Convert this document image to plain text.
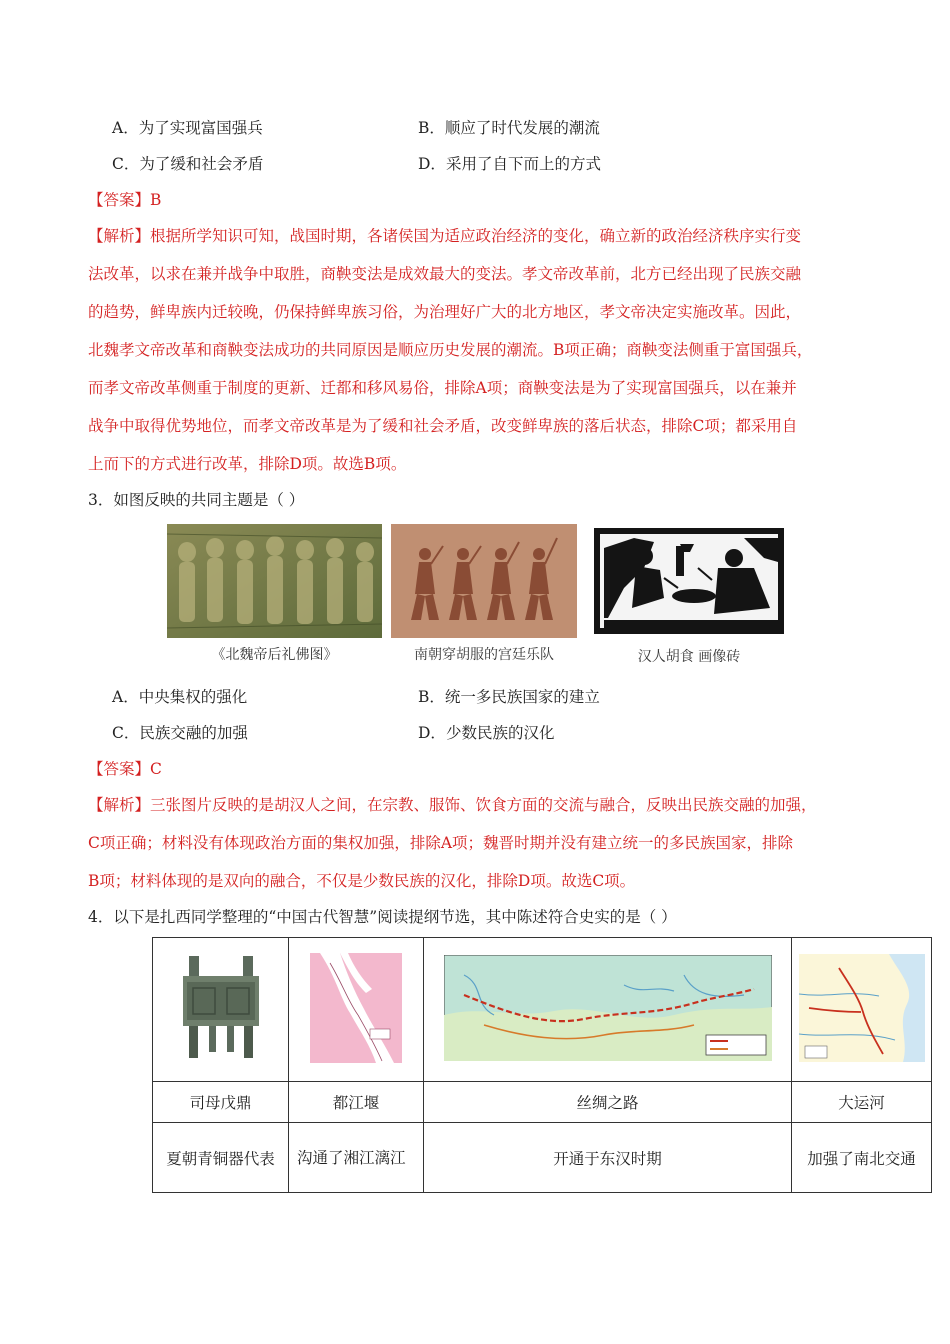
A．为了实现富国强兵	B．顺应了时代发展的潮流
C．为了缓和社会矛盾	D．采用了自下而上的方式
【答案】B
【解析】根据所学知识可知，战国时期，各诸侯国为适应政治经济的变化，确立新的政治经济秩序实行变
法改革，以求在兼并战争中取胜，商鞅变法是成效最大的变法。孝文帝改革前，北方已经出现了民族交融
的趋势，鲜卑族内迁较晚，仍保持鲜卑族习俗，为治理好广大的北方地区，孝文帝决定实施改革。因此，
北魏孝文帝改革和商鞅变法成功的共同原因是顺应历史发展的潮流。B项正确；商鞅变法侧重于富国强兵，
而孝文帝改革侧重于制度的更新、迁都和移风易俗，排除A项；商鞅变法是为了实现富国强兵，以在兼并
战争中取得优势地位，而孝文帝改革是为了缓和社会矛盾，改变鲜卑族的落后状态，排除C项；都采用自
上而下的方式进行改革，排除D项。故选B项。
3．如图反映的共同主题是（ ）
《北魏帝后礼佛图》	南朝穿胡服的宫廷乐队	汉人胡食 画像砖
A．中央集权的强化	B．统一多民族国家的建立
C．民族交融的加强	D．少数民族的汉化
【答案】C
【解析】三张图片反映的是胡汉人之间，在宗教、服饰、饮食方面的交流与融合，反映出民族交融的加强，
C项正确；材料没有体现政治方面的集权加强，排除A项；魏晋时期并没有建立统一的多民族国家，排除
B项；材料体现的是双向的融合，不仅是少数民族的汉化，排除D项。故选C项。
4．以下是扎西同学整理的“中国古代智慧”阅读提纲节选，其中陈述符合史实的是（ ）

司母戊鼎	都江堰	丝绸之路	大运河
夏朝青铜器代表	沟通了湘江漓江	开通于东汉时期	加强了南北交通
